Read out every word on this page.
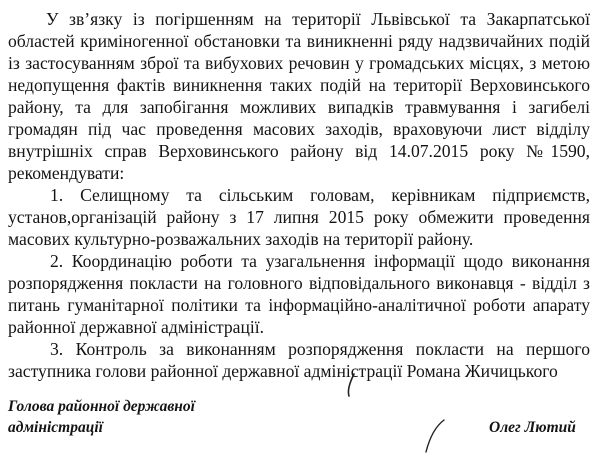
У зв’язку із погіршенням на території Львівської та Закарпатської
областей криміногенної обстановки та виникненні ряду надзвичайних подій
із застосуванням зброї та вибухових речовин у громадських місцях, з метою
недопущення фактів виникнення таких подій на території Верховинського
району, та для запобігання можливих випадків травмування і загибелі
громадян під час проведення масових заходів, враховуючи лист відділу
внутрішніх справ Верховинського району від 14.07.2015 року №1590,
рекомендувати:
1. Селищному та сільським головам, керівникам підприємств,
установ,організацій району з 17 липня 2015 року обмежити проведення
масових культурно-розважальних заходів на території району.
2. Координацію роботи та узагальнення інформації щодо виконання
розпорядження покласти на головного відповідального виконавця - відділ з
питань гуманітарної політики та інформаційно-аналітичної роботи апарату
районної державної адміністрації.
3. Контроль за виконанням розпорядження покласти на першого
заступника голови районної державної адміністрації Романа Жичицького
Голова районної державної
адміністрації	Олег Лютий
